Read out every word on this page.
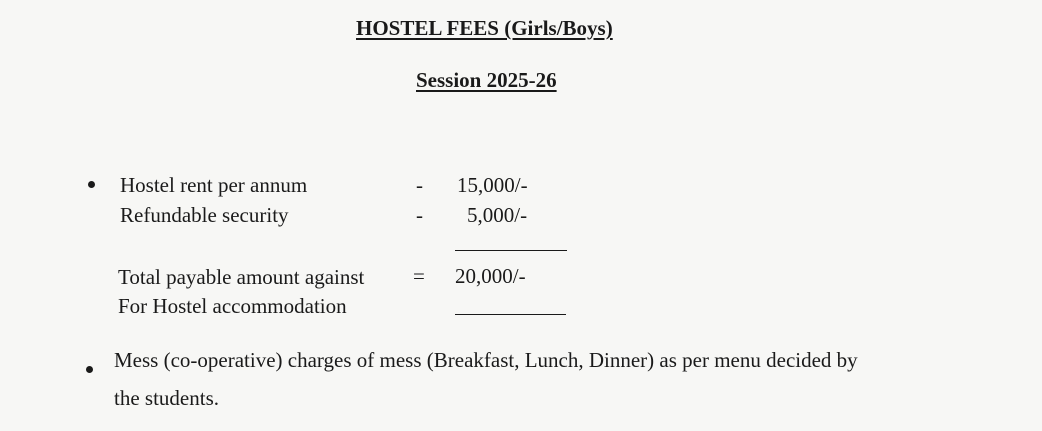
HOSTEL FEES (Girls/Boys)
Session 2025-26
Hostel rent per annum	- 15,000/-
Refundable security	- 5,000/-
Total payable amount against = 20,000/-
For Hostel accommodation
Mess (co-operative) charges of mess (Breakfast, Lunch, Dinner) as per menu decided by
the students.
